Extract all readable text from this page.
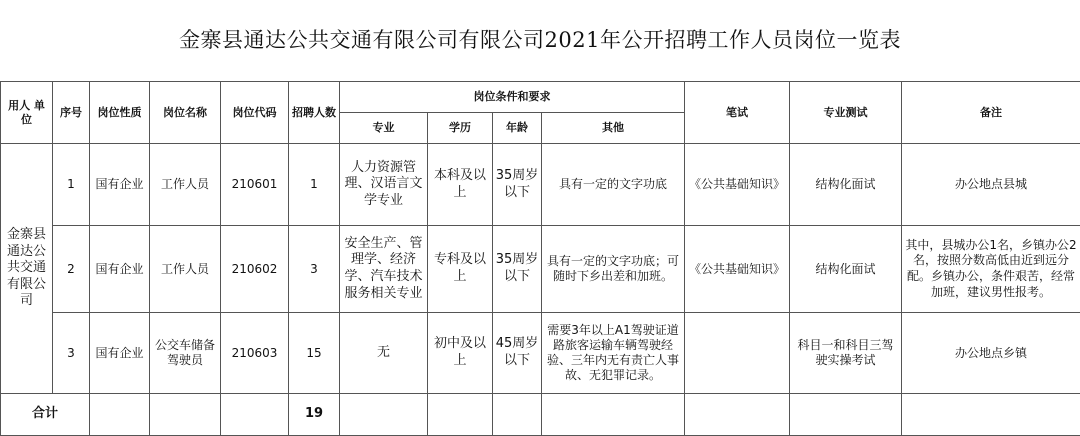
金寨县通达公共交通有限公司有限公司2021年公开招聘工作人员岗位一览表
用人 单位	序号	岗位性质	岗位名称	岗位代码	招聘人数	岗位条件和要求				笔试	专业测试	备注
						专业	学历	年龄	其他			
金寨县通达公共交通有限公司	1	国有企业	工作人员	210601	1	人力资源管理、汉语言文学专业	本科及以上	35周岁以下	具有一定的文字功底	《公共基础知识》	结构化面试	办公地点县城
	2	国有企业	工作人员	210602	3	安全生产、管理学、经济学、汽车技术服务相关专业	专科及以上	35周岁以下	具有一定的文字功底；可随时下乡出差和加班。	《公共基础知识》	结构化面试	其中，县城办公1名，乡镇办公2名，按照分数高低由近到远分配。乡镇办公，条件艰苦，经常加班，建议男性报考。
	3	国有企业	公交车储备驾驶员	210603	15	无	初中及以上	45周岁以下	需要3年以上A1驾驶证道路旅客运输车辆驾驶经验、三年内无有责亡人事故、无犯罪记录。		科目一和科目三驾驶实操考试	办公地点乡镇
合计					19							
